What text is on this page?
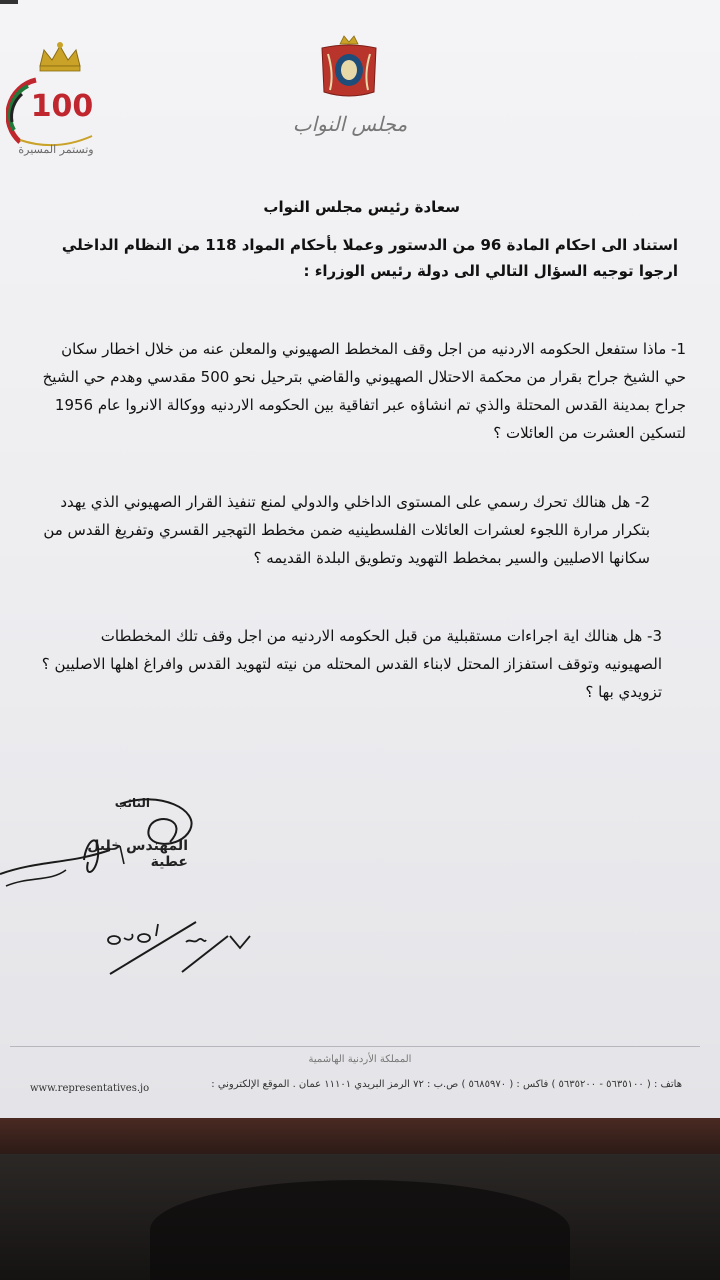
100
وتستمر المسيرة
مجلس النواب
سعادة رئيس مجلس النواب
استناد الى احكام المادة 96 من الدستور وعملا بأحكام المواد 118 من النظام الداخلي ارجوا توجيه السؤال التالي الى دولة رئيس الوزراء :
1- ماذا ستفعل الحكومه الاردنيه من اجل وقف المخطط الصهيوني والمعلن عنه من خلال اخطار سكان حي الشيخ جراح بقرار من محكمة الاحتلال الصهيوني والقاضي بترحيل نحو 500 مقدسي وهدم حي الشيخ جراح بمدينة القدس المحتلة والذي تم انشاؤه عبر اتفاقية بين الحكومه الاردنيه ووكالة الانروا عام 1956 لتسكين العشرت من العائلات ؟
2- هل هنالك تحرك رسمي على المستوى الداخلي والدولي لمنع تنفيذ القرار الصهيوني الذي يهدد بتكرار مرارة اللجوء لعشرات العائلات الفلسطينيه ضمن مخطط التهجير القسري وتفريغ القدس من سكانها الاصليين والسير بمخطط التهويد وتطويق البلدة القديمه ؟
3- هل هنالك اية اجراءات مستقبلية من قبل الحكومه الاردنيه من اجل وقف تلك المخططات الصهيونيه وتوقف استفزاز المحتل لابناء القدس المحتله من نيته لتهويد القدس وافراغ اهلها الاصليين ؟تزويدي بها ؟
النائب
المهندس خليل عطية
المملكة الأردنية الهاشمية
هاتف : ( ٥٦٣٥١٠٠ - ٥٦٣٥٢٠٠ ) فاكس : ( ٥٦٨٥٩٧٠ ) ص.ب : ٧٢ الرمز البريدي ١١١٠١ عمان . الموقع الإلكتروني :
www.representatives.jo
